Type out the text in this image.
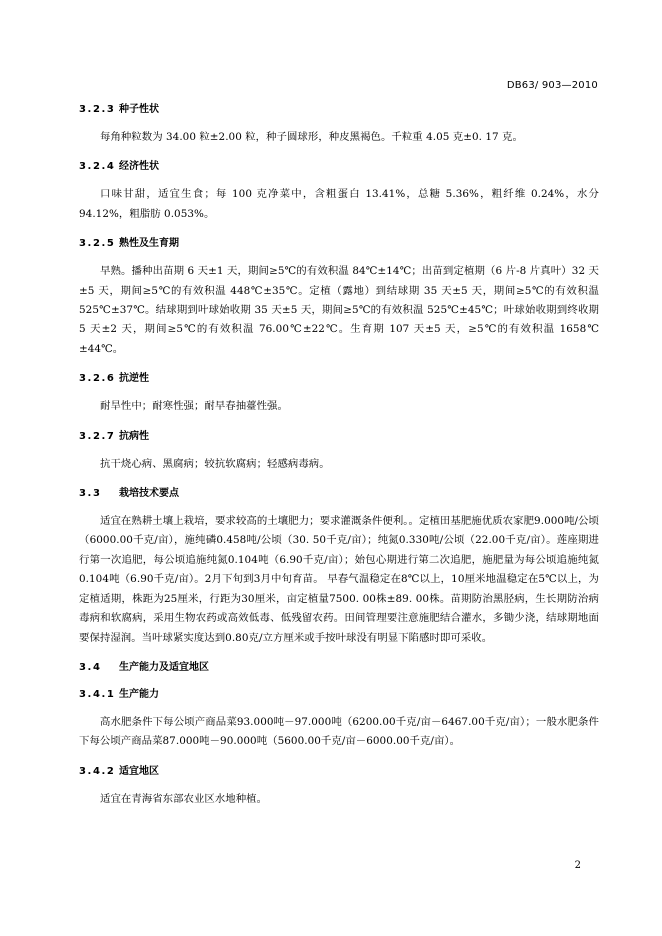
DB63/ 903—2010
3.2.3 种子性状

每角种粒数为 34.00 粒±2.00 粒，种子圆球形，种皮黑褐色。千粒重 4.05 克±0. 17 克。

3.2.4 经济性状

口味甘甜，适宜生食；每 100 克净菜中，含粗蛋白 13.41%，总糖 5.36%，粗纤维 0.24%，水分 94.12%，粗脂肪 0.053%。

3.2.5 熟性及生育期

早熟。播种出苗期 6 天±1 天，期间≥5℃的有效积温 84℃±14℃；出苗到定植期（6 片-8 片真叶）32 天±5 天，期间≥5℃的有效积温 448℃±35℃。定植（露地）到结球期 35 天±5 天，期间≥5℃的有效积温 525℃±37℃。结球期到叶球始收期 35 天±5 天，期间≥5℃的有效积温 525℃±45℃；叶球始收期到终收期 5 天±2 天，期间≥5℃的有效积温 76.00℃±22℃。生育期 107 天±5 天，≥5℃的有效积温 1658℃±44℃。

3.2.6 抗逆性

耐旱性中；耐寒性强；耐早春抽薹性强。

3.2.7 抗病性

抗干烧心病、黑腐病；较抗软腐病；轻感病毒病。

3.3	栽培技术要点

适宜在熟耕土壤上栽培，要求较高的土壤肥力；要求灌溉条件便利。。定植田基肥施优质农家肥9.000吨/公顷（6000.00千克/亩），施纯磷0.458吨/公顷（30. 50千克/亩）；纯氮0.330吨/公顷（22.00千克/亩）。莲座期进行第一次追肥，每公顷追施纯氮0.104吨（6.90千克/亩）；始包心期进行第二次追肥，施肥量为每公顷追施纯氮0.104吨（6.90千克/亩）。2月下旬到3月中旬育苗。 早春气温稳定在8℃以上，10厘米地温稳定在5℃以上，为定植适期，株距为25厘米，行距为30厘米，亩定植量7500. 00株±89. 00株。苗期防治黑胫病，生长期防治病毒病和软腐病，采用生物农药或高效低毒、低残留农药。田间管理要注意施肥结合灌水，多锄少浇，结球期地面要保持湿润。当叶球紧实度达到0.80克/立方厘米或手按叶球没有明显下陷感时即可采收。

3.4	生产能力及适宜地区
3.4.1 生产能力

高水肥条件下每公顷产商品菜93.000吨－97.000吨（6200.00千克/亩－6467.00千克/亩）；一般水肥条件下每公顷产商品菜87.000吨－90.000吨（5600.00千克/亩－6000.00千克/亩）。

3.4.2 适宜地区

适宜在青海省东部农业区水地种植。

2
